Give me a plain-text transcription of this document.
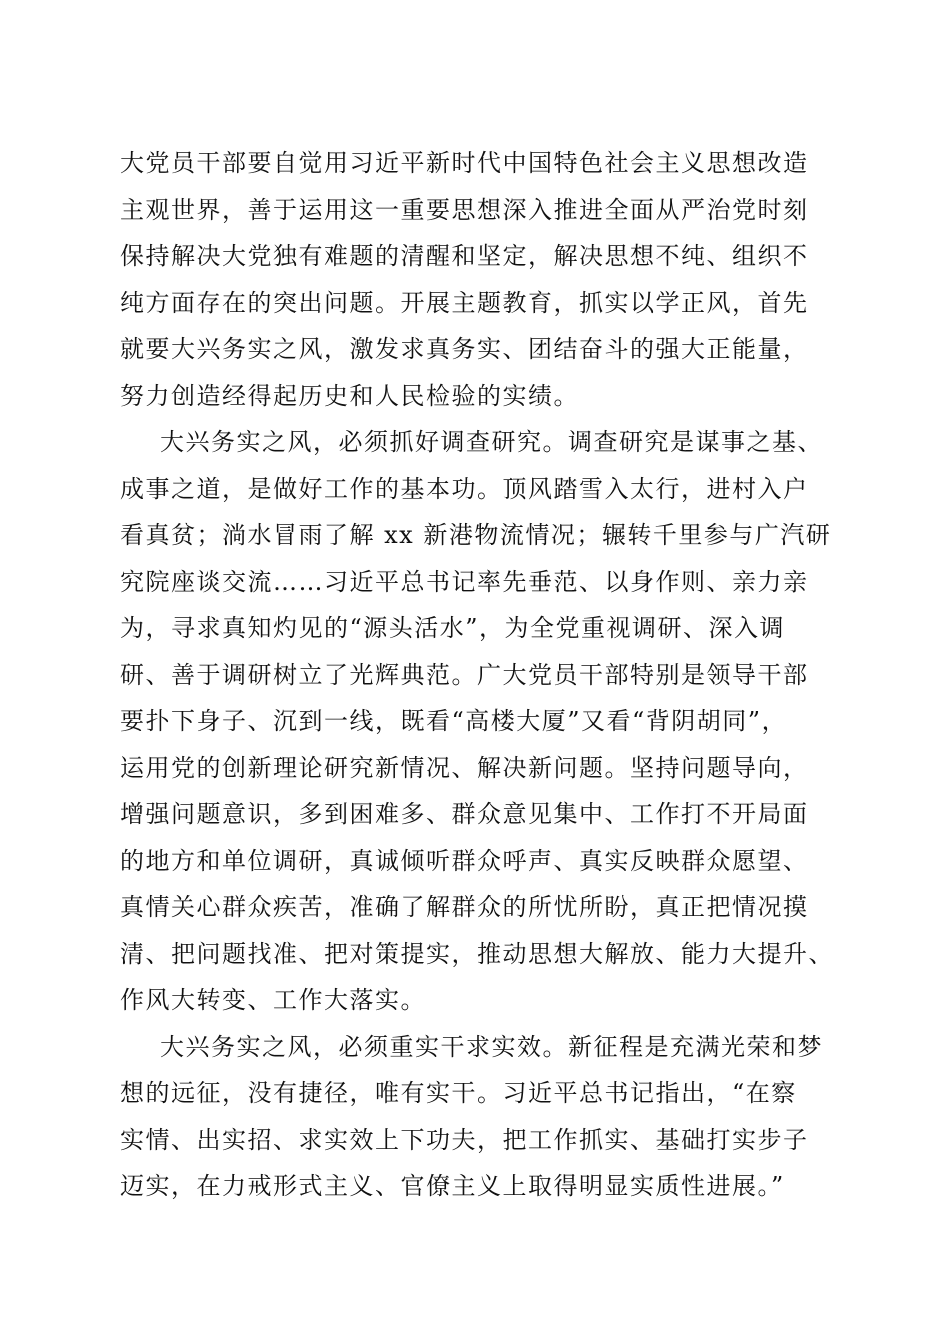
大党员干部要自觉用习近平新时代中国特色社会主义思想改造
主观世界，善于运用这一重要思想深入推进全面从严治党时刻
保持解决大党独有难题的清醒和坚定，解决思想不纯、组织不
纯方面存在的突出问题。开展主题教育，抓实以学正风，首先
就要大兴务实之风，激发求真务实、团结奋斗的强大正能量，
努力创造经得起历史和人民检验的实绩。
大兴务实之风，必须抓好调查研究。调查研究是谋事之基、
成事之道，是做好工作的基本功。顶风踏雪入太行，进村入户
看真贫；淌水冒雨了解 xx 新港物流情况；辗转千里参与广汽研
究院座谈交流……习近平总书记率先垂范、以身作则、亲力亲
为，寻求真知灼见的“源头活水”，为全党重视调研、深入调
研、善于调研树立了光辉典范。广大党员干部特别是领导干部
要扑下身子、沉到一线，既看“高楼大厦”又看“背阴胡同”，
运用党的创新理论研究新情况、解决新问题。坚持问题导向，
增强问题意识，多到困难多、群众意见集中、工作打不开局面
的地方和单位调研，真诚倾听群众呼声、真实反映群众愿望、
真情关心群众疾苦，准确了解群众的所忧所盼，真正把情况摸
清、把问题找准、把对策提实，推动思想大解放、能力大提升、
作风大转变、工作大落实。
大兴务实之风，必须重实干求实效。新征程是充满光荣和梦
想的远征，没有捷径，唯有实干。习近平总书记指出，“在察
实情、出实招、求实效上下功夫，把工作抓实、基础打实步子
迈实，在力戒形式主义、官僚主义上取得明显实质性进展。”
